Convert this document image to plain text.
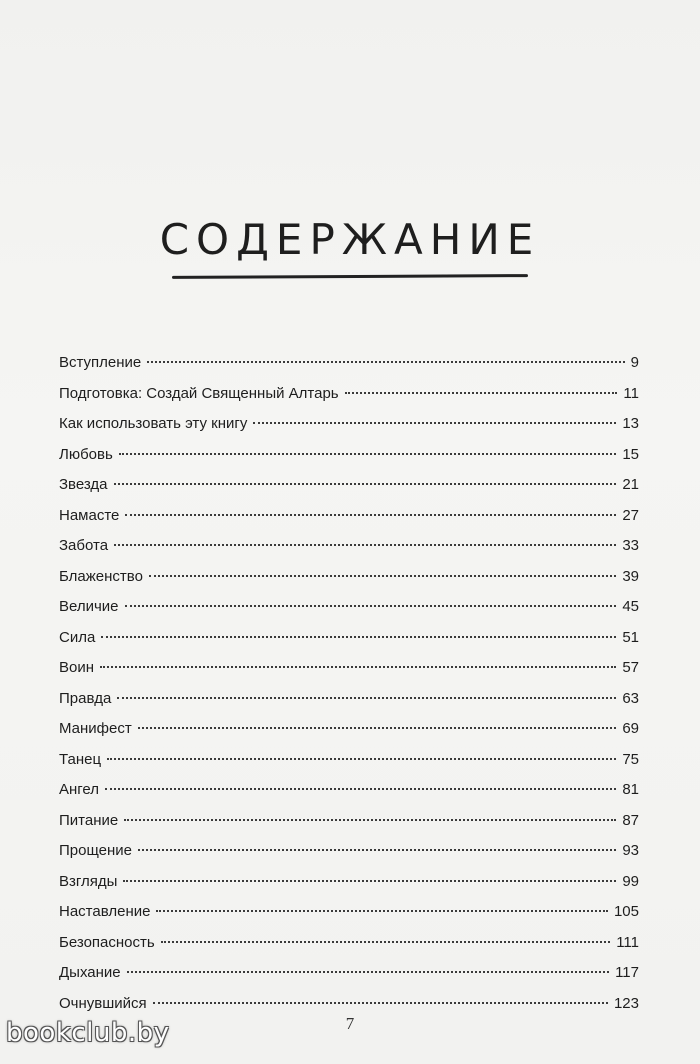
СОДЕРЖАНИЕ
Вступление	9
Подготовка: Создай Священный Алтарь	11
Как использовать эту книгу	13
Любовь	15
Звезда	21
Намасте	27
Забота	33
Блаженство	39
Величие	45
Сила	51
Воин	57
Правда	63
Манифест	69
Танец	75
Ангел	81
Питание	87
Прощение	93
Взгляды	99
Наставление	105
Безопасность	111
Дыхание	117
Очнувшийся	123
7
bookclub.by
